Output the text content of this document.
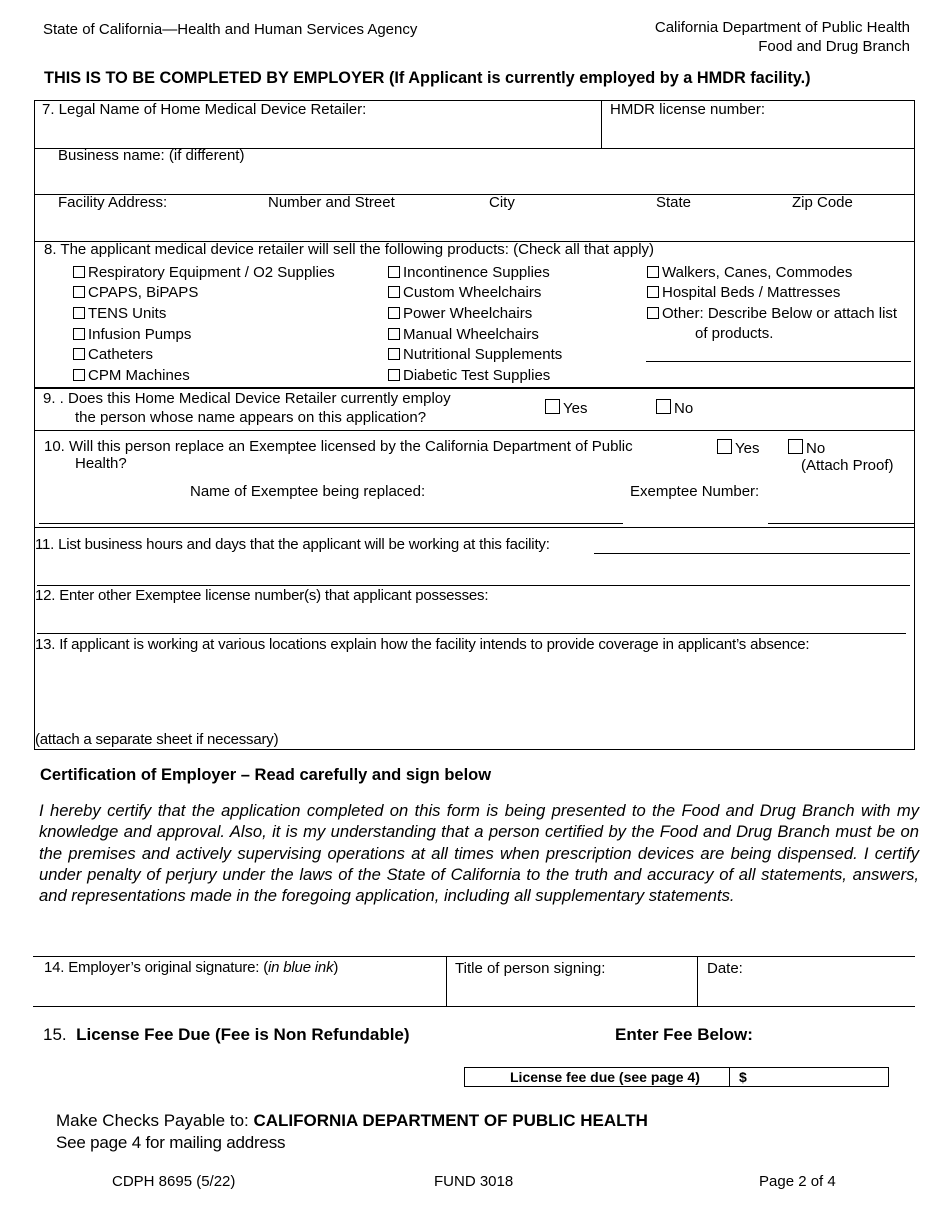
State of California—Health and Human Services Agency	California Department of Public Health
Food and Drug Branch
THIS IS TO BE COMPLETED BY EMPLOYER (If Applicant is currently employed by a HMDR facility.)
7. Legal Name of Home Medical Device Retailer:	HMDR license number:
Business name: (if different)
Facility Address:	Number and Street	City	State	Zip Code
8. The applicant medical device retailer will sell the following products: (Check all that apply)
Respiratory Equipment / O2 Supplies
CPAPS, BiPAPS
TENS Units
Infusion Pumps
Catheters
CPM Machines
Incontinence Supplies
Custom Wheelchairs
Power Wheelchairs
Manual Wheelchairs
Nutritional Supplements
Diabetic Test Supplies
Walkers, Canes, Commodes
Hospital Beds / Mattresses
Other: Describe Below or attach list
of products.
9. . Does this Home Medical Device Retailer currently employ
the person whose name appears on this application?
Yes	No
10. Will this person replace an Exemptee licensed by the California Department of Public
Health?
Yes	No
(Attach Proof)
Name of Exemptee being replaced:	Exemptee Number:
11. List business hours and days that the applicant will be working at this facility:
12. Enter other Exemptee license number(s) that applicant possesses:
13. If applicant is working at various locations explain how the facility intends to provide coverage in applicant’s absence:
(attach a separate sheet if necessary)
Certification of Employer – Read carefully and sign below
I hereby certify that the application completed on this form is being presented to the Food and Drug Branch with my knowledge and approval. Also, it is my understanding that a person certified by the Food and Drug Branch must be on the premises and actively supervising operations at all times when prescription devices are being dispensed. I certify under penalty of perjury under the laws of the State of California to the truth and accuracy of all statements, answers, and representations made in the foregoing application, including all supplementary statements.
14. Employer’s original signature: (in blue ink)	Title of person signing:	Date:
15. License Fee Due (Fee is Non Refundable)	Enter Fee Below:
License fee due (see page 4)	$
Make Checks Payable to: CALIFORNIA DEPARTMENT OF PUBLIC HEALTH
See page 4 for mailing address
CDPH 8695 (5/22)	FUND 3018	Page 2 of 4
